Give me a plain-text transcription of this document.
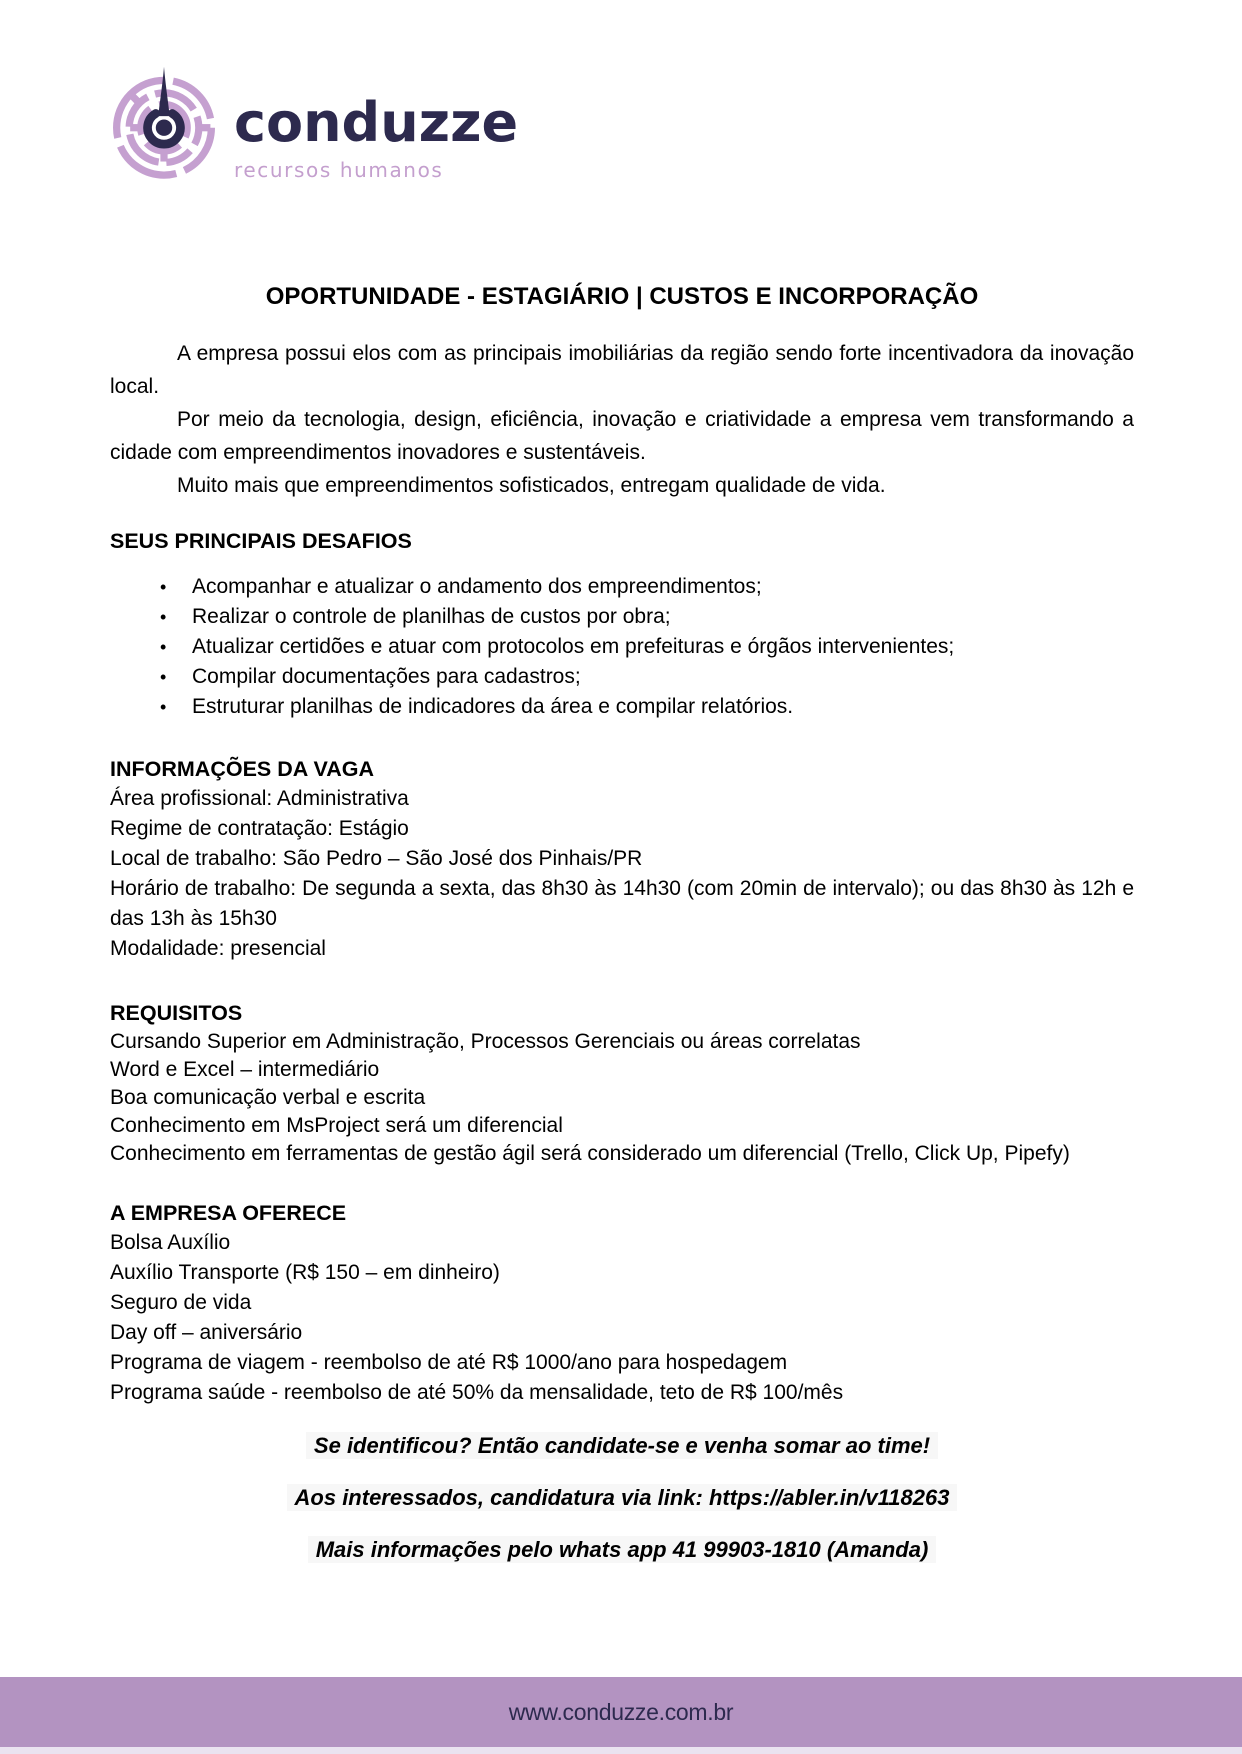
conduzze
recursos humanos
OPORTUNIDADE - ESTAGIÁRIO | CUSTOS E INCORPORAÇÃO

A empresa possui elos com as principais imobiliárias da região sendo forte incentivadora da inovação local.

Por meio da tecnologia, design, eficiência, inovação e criatividade a empresa vem transformando a cidade com empreendimentos inovadores e sustentáveis.

Muito mais que empreendimentos sofisticados, entregam qualidade de vida.

SEUS PRINCIPAIS DESAFIOS
• Acompanhar e atualizar o andamento dos empreendimentos;
• Realizar o controle de planilhas de custos por obra;
• Atualizar certidões e atuar com protocolos em prefeituras e órgãos intervenientes;
• Compilar documentações para cadastros;
• Estruturar planilhas de indicadores da área e compilar relatórios.
INFORMAÇÕES DA VAGA

Área profissional: Administrativa

Regime de contratação: Estágio

Local de trabalho: São Pedro – São José dos Pinhais/PR

Horário de trabalho: De segunda a sexta, das 8h30 às 14h30 (com 20min de intervalo); ou das 8h30 às 12h e das 13h às 15h30

Modalidade: presencial

REQUISITOS

Cursando Superior em Administração, Processos Gerenciais ou áreas correlatas

Word e Excel – intermediário

Boa comunicação verbal e escrita

Conhecimento em MsProject será um diferencial

Conhecimento em ferramentas de gestão ágil será considerado um diferencial (Trello, Click Up, Pipefy)

A EMPRESA OFERECE

Bolsa Auxílio

Auxílio Transporte (R$ 150 – em dinheiro)

Seguro de vida

Day off – aniversário

Programa de viagem - reembolso de até R$ 1000/ano para hospedagem

Programa saúde - reembolso de até 50% da mensalidade, teto de R$ 100/mês

Se identificou? Então candidate-se e venha somar ao time!

Aos interessados, candidatura via link: https://abler.in/v118263

Mais informações pelo whats app 41 99903-1810 (Amanda)

www.conduzze.com.br
